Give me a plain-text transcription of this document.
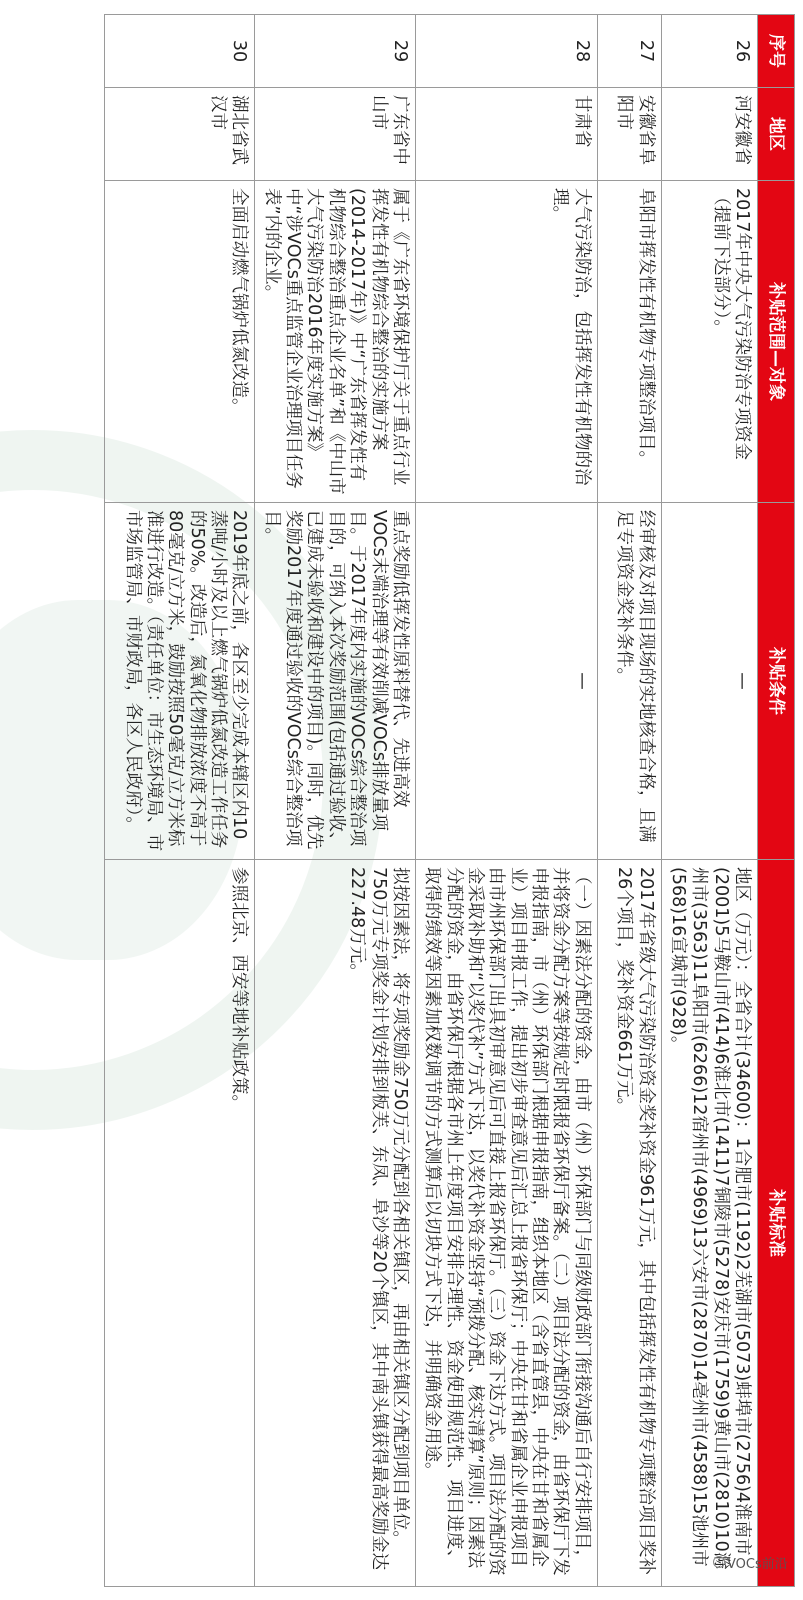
序号	地区	补贴范围—对象	补贴条件	补贴标准
26	河安徽省	2017年中央大气污染防治专项资金（提前下达部分）。	—	地区（万元）：全省合计(34600)：1合肥市(1192)2芜湖市(5073)蚌埠市(2756)4淮南市(2001)5马鞍山市(414)6淮北市(1411)7铜陵市(5278)安庆市(1759)9黄山市(2810)10滁州市(3563)11阜阳市(6266)12宿州市(4969)13六安市(2870)14亳州市(4588)15池州市(568)16宣城市(928)。
27	安徽省阜阳市	阜阳市挥发性有机物专项整治项目。	经审核及对项目现场的实地核查合格，且满足专项资金奖补条件。	2017年省级大气污染防治资金奖补资金961万元，其中包括挥发性有机物专项整治项目奖补26个项目，奖补资金661万元。
28	甘肃省	大气污染防治，包括挥发性有机物的治理。	—	（一）因素法分配的资金，由市（州）环保部门与同级财政部门衔接沟通后自行安排项目，并将资金分配方案等按规定时限报省环保厅备案。（二）项目法分配的资金，由省环保厅下发申报指南，市（州）环保部门根据申报指南，组织本地区（含省直管县，中央在甘和省属企业）项目申报工作，提出初步审查意见后汇总上报省环保厅；中央在甘和省属企业申报项目由市州环保部门出具初审意见后可直接上报省环保厅。（三）资金下达方式。项目法分配的资金采取补助和“以奖代补”方式下达，以奖代补资金坚持“预拨分配、核实清算”原则；因素法分配的资金，由省环保厅根据各市州上年度项目安排合理性、资金使用规范性、项目进度、取得的绩效等因素加权数调节的方式测算后以切块方式下达，并明确资金用途。
29	广东省中山市	属于《广东省环境保护厅关于重点行业挥发性有机物综合整治的实施方案(2014-2017年)》中“广东省挥发性有机物综合整治重点企业名单”和《中山市大气污染防治2016年度实施方案》中“涉VOCs重点监管企业治理项目任务表”内的企业。	重点奖励低挥发性原料替代、先进高效VOCs末端治理等有效削减VOCs排放量项目。于2017年度内实施的VOCs综合整治项目的，可纳入本次奖励范围(包括通过验收、已建成未验收和建设中的项目)。同时，优先奖励2017年度通过验收的VOCs综合整治项目。	拟按因素法，将专项奖励金750万元分配到各相关镇区，再由相关镇区分配到项目单位。750万元专项奖金计划安排到板芙、东凤、阜沙等20个镇区，其中南头镇获得最高奖励金达227.48万元。
30	湖北省武汉市	全面启动燃气锅炉低氮改造。	2019年底之前，各区至少完成本辖区内10蒸吨/小时及以上燃气锅炉低氮改造工作任务的50%。改造后，氮氧化物排放浓度不高于80毫克/立方米，鼓励按照50毫克/立方米标准进行改造。（责任单位：市生态环境局、市市场监管局、市财政局，各区人民政府）。	参照北京、西安等地补贴政策。
VOCs前沿
